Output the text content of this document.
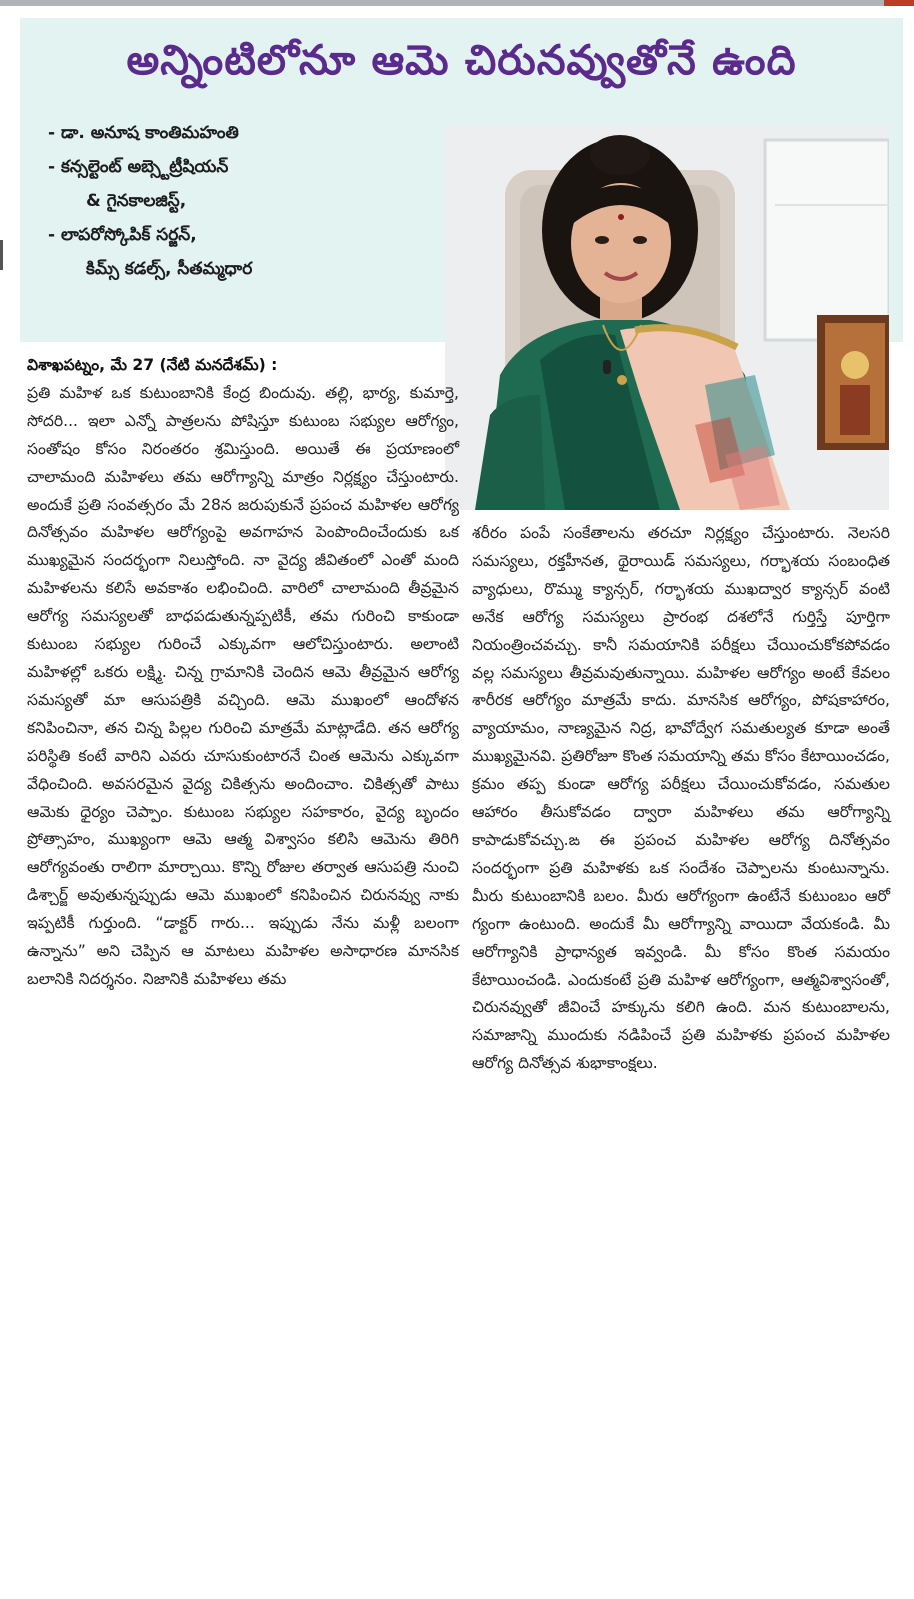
అన్నింటిలోనూ ఆమె చిరునవ్వుతోనే ఉంది
- డా. అనూష కాంతిమహంతి
- కన్సల్టెంట్ అబ్స్టెట్రీషియన్
& గైనకాలజిస్ట్,
- లాపరోస్కోపిక్ సర్జన్,
కిమ్స్ కడల్స్, సీతమ్మధార

విశాఖపట్నం, మే 27 (నేటి మనదేశమ్) :

ప్రతి మహిళ ఒక కుటుంబానికి కేంద్ర బిందువు. తల్లి, భార్య, కుమార్తె, సోదరి... ఇలా ఎన్నో పాత్రలను పోషిస్తూ కుటుంబ సభ్యుల ఆరోగ్యం, సంతోషం కోసం నిరంతరం శ్రమిస్తుంది. అయితే ఈ ప్రయాణంలో చాలామంది మహిళలు తమ ఆరోగ్యాన్ని మాత్రం నిర్లక్ష్యం చేస్తుంటారు. అందుకే ప్రతి సంవత్సరం మే 28న జరుపుకునే ప్రపంచ మహిళల ఆరోగ్య దినోత్సవం మహిళల ఆరోగ్యంపై అవగాహన పెంపొందించేందుకు ఒక ముఖ్యమైన సందర్భంగా నిలుస్తోంది. నా వైద్య జీవితంలో ఎంతో మంది మహిళలను కలిసే అవకాశం లభించింది. వారిలో చాలామంది తీవ్రమైన ఆరోగ్య సమస్యలతో బాధపడుతున్నప్పటికీ, తమ గురించి కాకుండా కుటుంబ సభ్యుల గురించే ఎక్కువగా ఆలోచిస్తుంటారు. అలాంటి మహిళల్లో ఒకరు లక్ష్మి. చిన్న గ్రామానికి చెందిన ఆమె తీవ్రమైన ఆరోగ్య సమస్యతో మా ఆసుపత్రికి వచ్చింది. ఆమె ముఖంలో ఆందోళన కనిపించినా, తన చిన్న పిల్లల గురించి మాత్రమే మాట్లాడేది. తన ఆరోగ్య పరిస్థితి కంటే వారిని ఎవరు చూసుకుంటారనే చింత ఆమెను ఎక్కువగా వేధించింది. అవసరమైన వైద్య చికిత్సను అందించాం. చికిత్సతో పాటు ఆమెకు ధైర్యం చెప్పాం. కుటుంబ సభ్యుల సహకారం, వైద్య బృందం ప్రోత్సాహం, ముఖ్యంగా ఆమె ఆత్మ విశ్వాసం కలిసి ఆమెను తిరిగి ఆరోగ్యవంతు రాలిగా మార్చాయి. కొన్ని రోజుల తర్వాత ఆసుపత్రి నుంచి డిశ్చార్జ్ అవుతున్నప్పుడు ఆమె ముఖంలో కనిపించిన చిరునవ్వు నాకు ఇప్పటికీ గుర్తుంది. “డాక్టర్ గారు... ఇప్పుడు నేను మళ్లీ బలంగా ఉన్నాను” అని చెప్పిన ఆ మాటలు మహిళల అసాధారణ మానసిక బలానికి నిదర్శనం. నిజానికి మహిళలు తమ

శరీరం పంపే సంకేతాలను తరచూ నిర్లక్ష్యం చేస్తుంటారు. నెలసరి సమస్యలు, రక్తహీనత, థైరాయిడ్ సమస్యలు, గర్భాశయ సంబంధిత వ్యాధులు, రొమ్ము క్యాన్సర్, గర్భాశయ ముఖద్వార క్యాన్సర్ వంటి అనేక ఆరోగ్య సమస్యలు ప్రారంభ దశలోనే గుర్తిస్తే పూర్తిగా నియంత్రించవచ్చు. కానీ సమయానికి పరీక్షలు చేయించుకోకపోవడం వల్ల సమస్యలు తీవ్రమవుతున్నాయి. మహిళల ఆరోగ్యం అంటే కేవలం శారీరక ఆరోగ్యం మాత్రమే కాదు. మానసిక ఆరోగ్యం, పోషకాహారం, వ్యాయామం, నాణ్యమైన నిద్ర, భావోద్వేగ సమతుల్యత కూడా అంతే ముఖ్యమైనవి. ప్రతిరోజూ కొంత సమయాన్ని తమ కోసం కేటాయించడం, క్రమం తప్ప కుండా ఆరోగ్య పరీక్షలు చేయించుకోవడం, సమతుల ఆహారం తీసుకోవడం ద్వారా మహిళలు తమ ఆరోగ్యాన్ని కాపాడుకోవచ్చు.ఙ ఈ ప్రపంచ మహిళల ఆరోగ్య దినోత్సవం సందర్భంగా ప్రతి మహిళకు ఒక సందేశం చెప్పాలను కుంటున్నాను. మీరు కుటుంబానికి బలం. మీరు ఆరోగ్యంగా ఉంటేనే కుటుంబం ఆరో గ్యంగా ఉంటుంది. అందుకే మీ ఆరోగ్యాన్ని వాయిదా వేయకండి. మీ ఆరోగ్యానికి ప్రాధాన్యత ఇవ్వండి. మీ కోసం కొంత సమయం కేటాయించండి. ఎందుకంటే ప్రతి మహిళ ఆరోగ్యంగా, ఆత్మవిశ్వాసంతో, చిరునవ్వుతో జీవించే హక్కును కలిగి ఉంది. మన కుటుంబాలను, సమాజాన్ని ముందుకు నడిపించే ప్రతి మహిళకు ప్రపంచ మహిళల ఆరోగ్య దినోత్సవ శుభాకాంక్షలు.
